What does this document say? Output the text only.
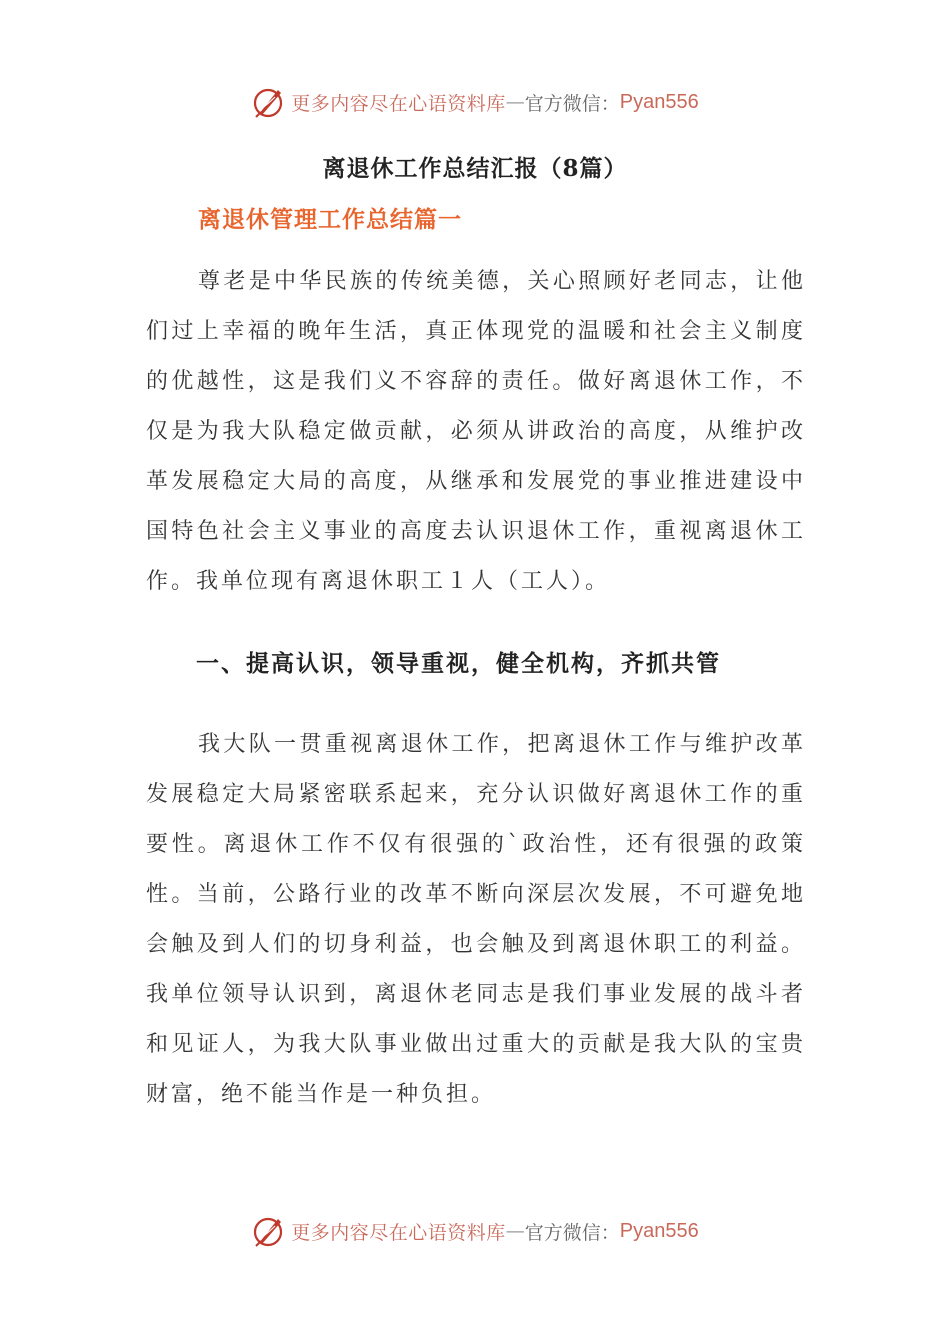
更多内容尽在心语资料库 — 官方微信： Pyan556
离退休工作总结汇报（8篇）
离退休管理工作总结篇一

尊老是中华民族的传统美德，关心照顾好老同志，让他们过上幸福的晚年生活，真正体现党的温暖和社会主义制度的优越性，这是我们义不容辞的责任。做好离退休工作，不仅是为我大队稳定做贡献，必须从讲政治的高度，从维护改革发展稳定大局的高度，从继承和发展党的事业推进建设中国特色社会主义事业的高度去认识退休工作，重视离退休工作。我单位现有离退休职工１人（工人）。

一、提高认识，领导重视，健全机构，齐抓共管

我大队一贯重视离退休工作，把离退休工作与维护改革发展稳定大局紧密联系起来，充分认识做好离退休工作的重要性。离退休工作不仅有很强的`政治性，还有很强的政策性。当前，公路行业的改革不断向深层次发展，不可避免地会触及到人们的切身利益，也会触及到离退休职工的利益。我单位领导认识到，离退休老同志是我们事业发展的战斗者和见证人，为我大队事业做出过重大的贡献是我大队的宝贵财富，绝不能当作是一种负担。

更多内容尽在心语资料库 — 官方微信： Pyan556
